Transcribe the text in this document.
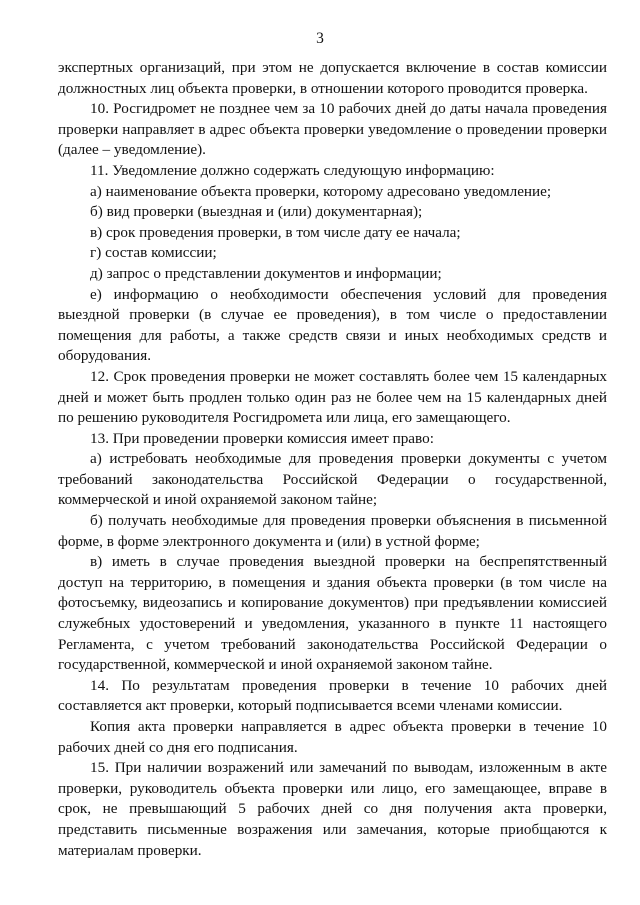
3

экспертных организаций, при этом не допускается включение в состав комиссии должностных лиц объекта проверки, в отношении которого проводится проверка.

10. Росгидромет не позднее чем за 10 рабочих дней до даты начала проведения проверки направляет в адрес объекта проверки уведомление о проведении проверки (далее – уведомление).

11. Уведомление должно содержать следующую информацию:

а) наименование объекта проверки, которому адресовано уведомление;

б) вид проверки (выездная и (или) документарная);

в) срок проведения проверки, в том числе дату ее начала;

г) состав комиссии;

д) запрос о представлении документов и информации;

е) информацию о необходимости обеспечения условий для проведения выездной проверки (в случае ее проведения), в том числе о предоставлении помещения для работы, а также средств связи и иных необходимых средств и оборудования.

12. Срок проведения проверки не может составлять более чем 15 календарных дней и может быть продлен только один раз не более чем на 15 календарных дней по решению руководителя Росгидромета или лица, его замещающего.

13. При проведении проверки комиссия имеет право:

а) истребовать необходимые для проведения проверки документы с учетом требований законодательства Российской Федерации о государственной, коммерческой и иной охраняемой законом тайне;

б) получать необходимые для проведения проверки объяснения в письменной форме, в форме электронного документа и (или) в устной форме;

в) иметь в случае проведения выездной проверки на беспрепятственный доступ на территорию, в помещения и здания объекта проверки (в том числе на фотосъемку, видеозапись и копирование документов) при предъявлении комиссией служебных удостоверений и уведомления, указанного в пункте 11 настоящего Регламента, с учетом требований законодательства Российской Федерации о государственной, коммерческой и иной охраняемой законом тайне.

14. По результатам проведения проверки в течение 10 рабочих дней составляется акт проверки, который подписывается всеми членами комиссии.

Копия акта проверки направляется в адрес объекта проверки в течение 10 рабочих дней со дня его подписания.

15. При наличии возражений или замечаний по выводам, изложенным в акте проверки, руководитель объекта проверки или лицо, его замещающее, вправе в срок, не превышающий 5 рабочих дней со дня получения акта проверки, представить письменные возражения или замечания, которые приобщаются к материалам проверки.
